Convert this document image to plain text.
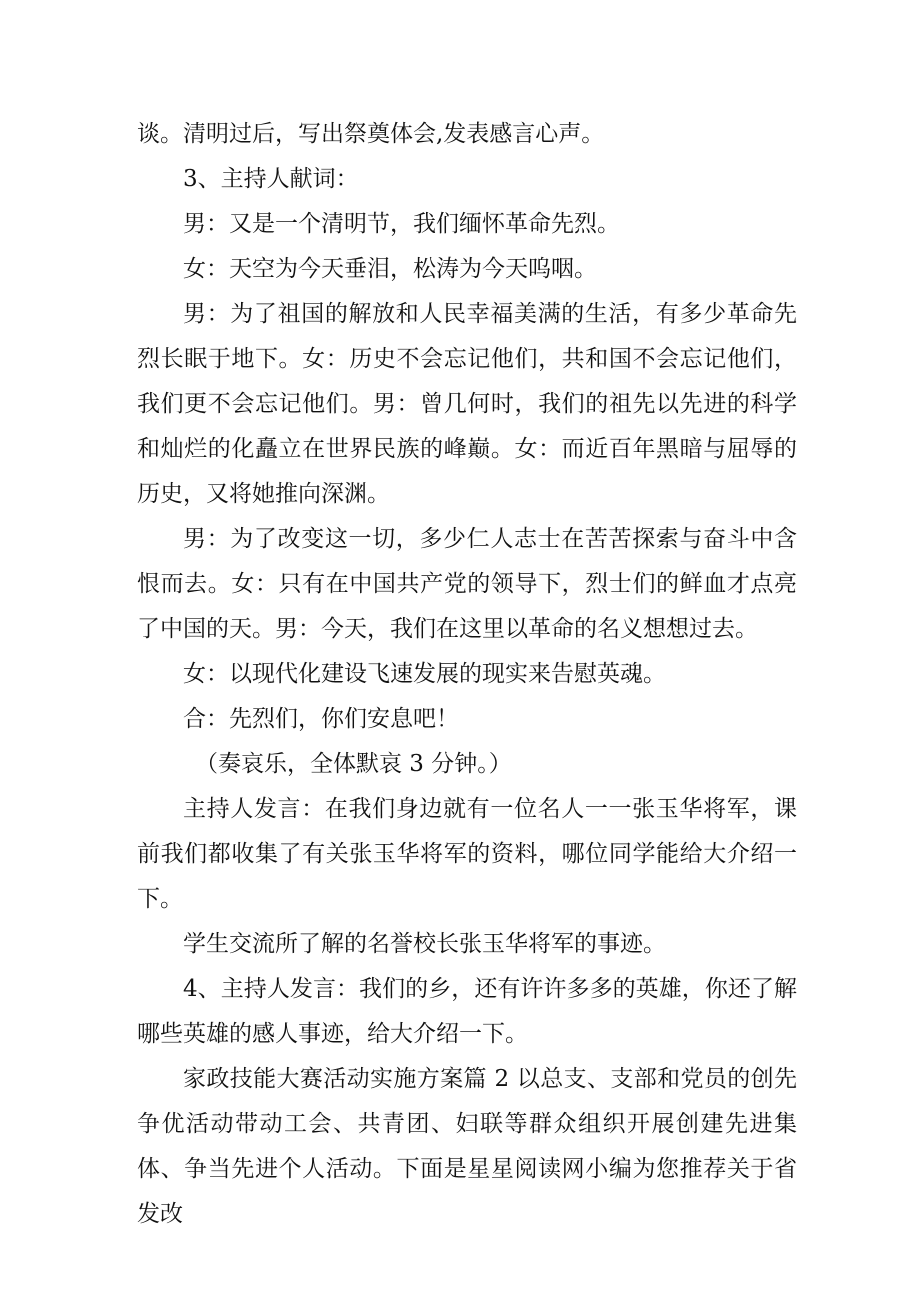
谈。清明过后，写出祭奠体会,发表感言心声。

3、主持人献词：

男：又是一个清明节，我们缅怀革命先烈。

女：天空为今天垂泪，松涛为今天呜咽。

男：为了祖国的解放和人民幸福美满的生活，有多少革命先烈长眠于地下。女：历史不会忘记他们，共和国不会忘记他们，我们更不会忘记他们。男：曾几何时，我们的祖先以先进的科学和灿烂的化矗立在世界民族的峰巅。女：而近百年黑暗与屈辱的历史，又将她推向深渊。

男：为了改变这一切，多少仁人志士在苦苦探索与奋斗中含恨而去。女：只有在中国共产党的领导下，烈士们的鲜血才点亮了中国的天。男：今天，我们在这里以革命的名义想想过去。

女：以现代化建设飞速发展的现实来告慰英魂。

合：先烈们，你们安息吧！

（奏哀乐，全体默哀 3 分钟。）

主持人发言：在我们身边就有一位名人一一张玉华将军，课前我们都收集了有关张玉华将军的资料，哪位同学能给大介绍一下。

学生交流所了解的名誉校长张玉华将军的事迹。

4、主持人发言：我们的乡，还有许许多多的英雄，你还了解哪些英雄的感人事迹，给大介绍一下。

家政技能大赛活动实施方案篇 2 以总支、支部和党员的创先争优活动带动工会、共青团、妇联等群众组织开展创建先进集体、争当先进个人活动。下面是星星阅读网小编为您推荐关于省发改
